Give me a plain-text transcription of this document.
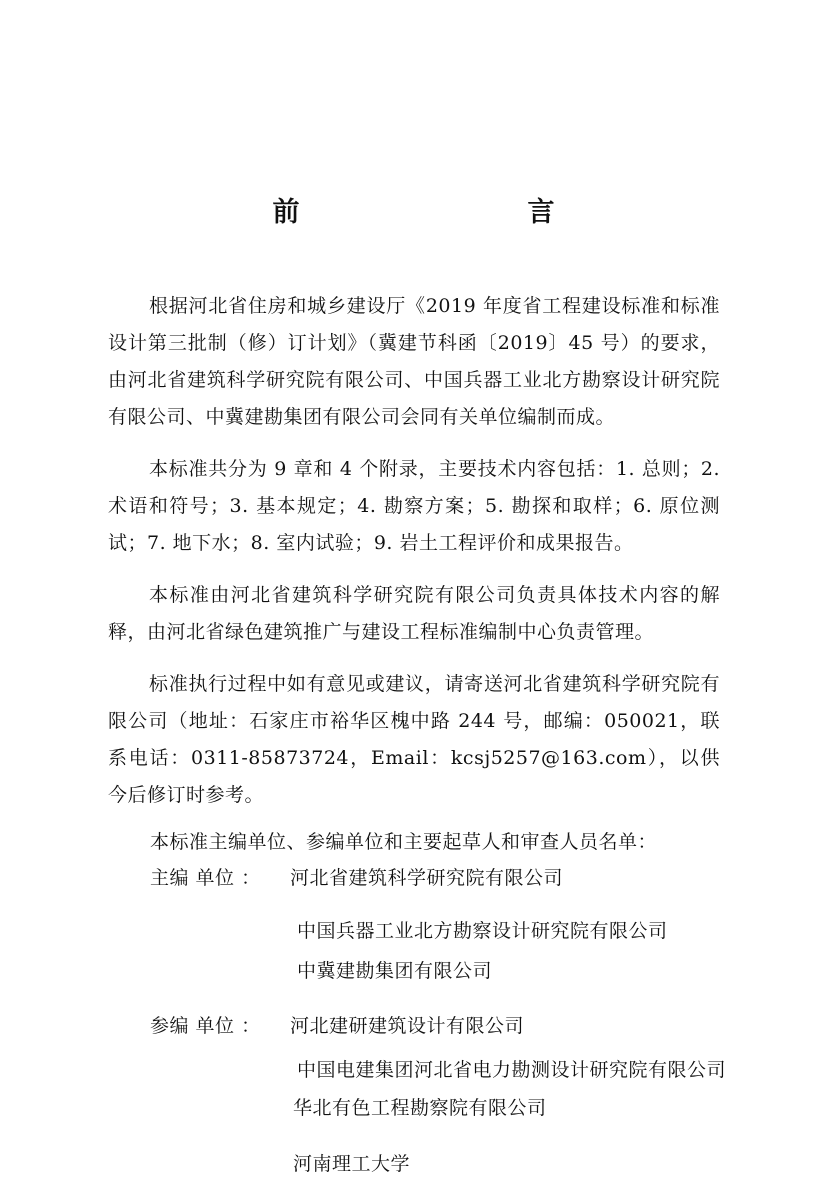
前　　言

根据河北省住房和城乡建设厅《2019 年度省工程建设标准和标准设计第三批制（修）订计划》（冀建节科函〔2019〕45 号）的要求，由河北省建筑科学研究院有限公司、中国兵器工业北方勘察设计研究院有限公司、中冀建勘集团有限公司会同有关单位编制而成。

本标准共分为 9 章和 4 个附录，主要技术内容包括：1. 总则；2. 术语和符号；3. 基本规定；4. 勘察方案；5. 勘探和取样；6. 原位测试；7. 地下水；8. 室内试验；9. 岩土工程评价和成果报告。

本标准由河北省建筑科学研究院有限公司负责具体技术内容的解释，由河北省绿色建筑推广与建设工程标准编制中心负责管理。

标准执行过程中如有意见或建议，请寄送河北省建筑科学研究院有限公司（地址：石家庄市裕华区槐中路 244 号，邮编：050021，联系电话：0311-85873724，Email：kcsj5257@163.com），以供今后修订时参考。

本标准主编单位、参编单位和主要起草人和审查人员名单：
主编 单位 ： 河北省建筑科学研究院有限公司
中国兵器工业北方勘察设计研究院有限公司
中冀建勘集团有限公司
参编 单位 ： 河北建研建筑设计有限公司
中国电建集团河北省电力勘测设计研究院有限公司
华北有色工程勘察院有限公司
河南理工大学
